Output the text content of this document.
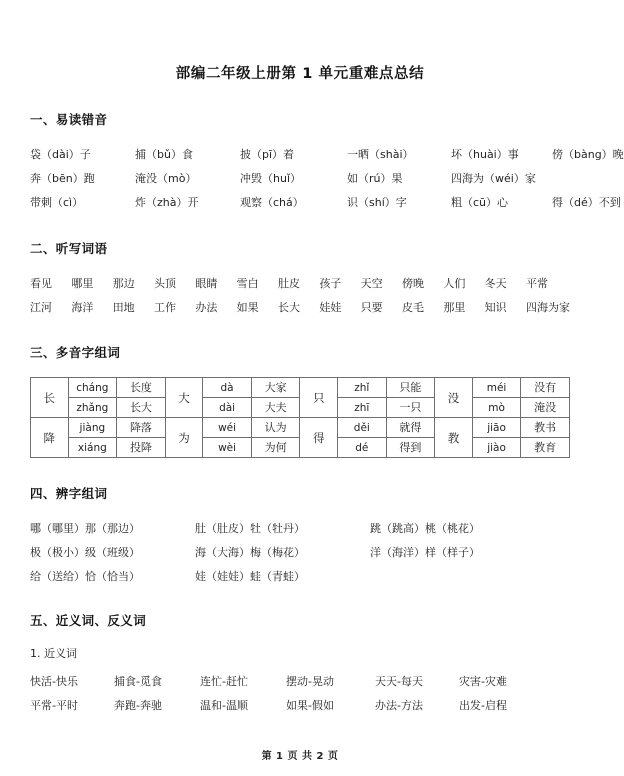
部编二年级上册第 1 单元重难点总结
一、易读错音
袋（dài）子	捕（bǔ）食	披（pī）着	一晒（shài）	坏（huài）事	傍（bàng）晚
奔（bēn）跑	淹没（mò）	冲毁（huǐ）	如（rú）果	四海为（wéi）家
带刺（cì）	炸（zhà）开	观察（chá）	识（shí）字	粗（cū）心	得（dé）不到
二、听写词语
看见	哪里	那边	头顶	眼睛	雪白	肚皮	孩子	天空	傍晚	人们	冬天	平常
江河	海洋	田地	工作	办法	如果	长大	娃娃	只要	皮毛	那里	知识	四海为家
三、多音字组词
长	cháng	长度	大	dà	大家	只	zhǐ	只能	没	méi	没有
	zhǎng	长大		dài	大夫		zhī	一只		mò	淹没
降	jiàng	降落	为	wéi	认为	得	děi	就得	教	jiāo	教书
	xiáng	投降		wèi	为何		dé	得到		jiào	教育
四、辨字组词
哪（哪里）那（那边）	肚（肚皮）牡（牡丹）	跳（跳高）桃（桃花）
极（极小）级（班级）	海（大海）梅（梅花）	洋（海洋）样（样子）
给（送给）恰（恰当）	娃（娃娃）蛙（青蛙）
五、近义词、反义词
1. 近义词
快活-快乐	捕食-觅食	连忙-赶忙	摆动-晃动	天天-每天	灾害-灾难
平常-平时	奔跑-奔驰	温和-温顺	如果-假如	办法-方法	出发-启程
第 1 页 共 2 页
